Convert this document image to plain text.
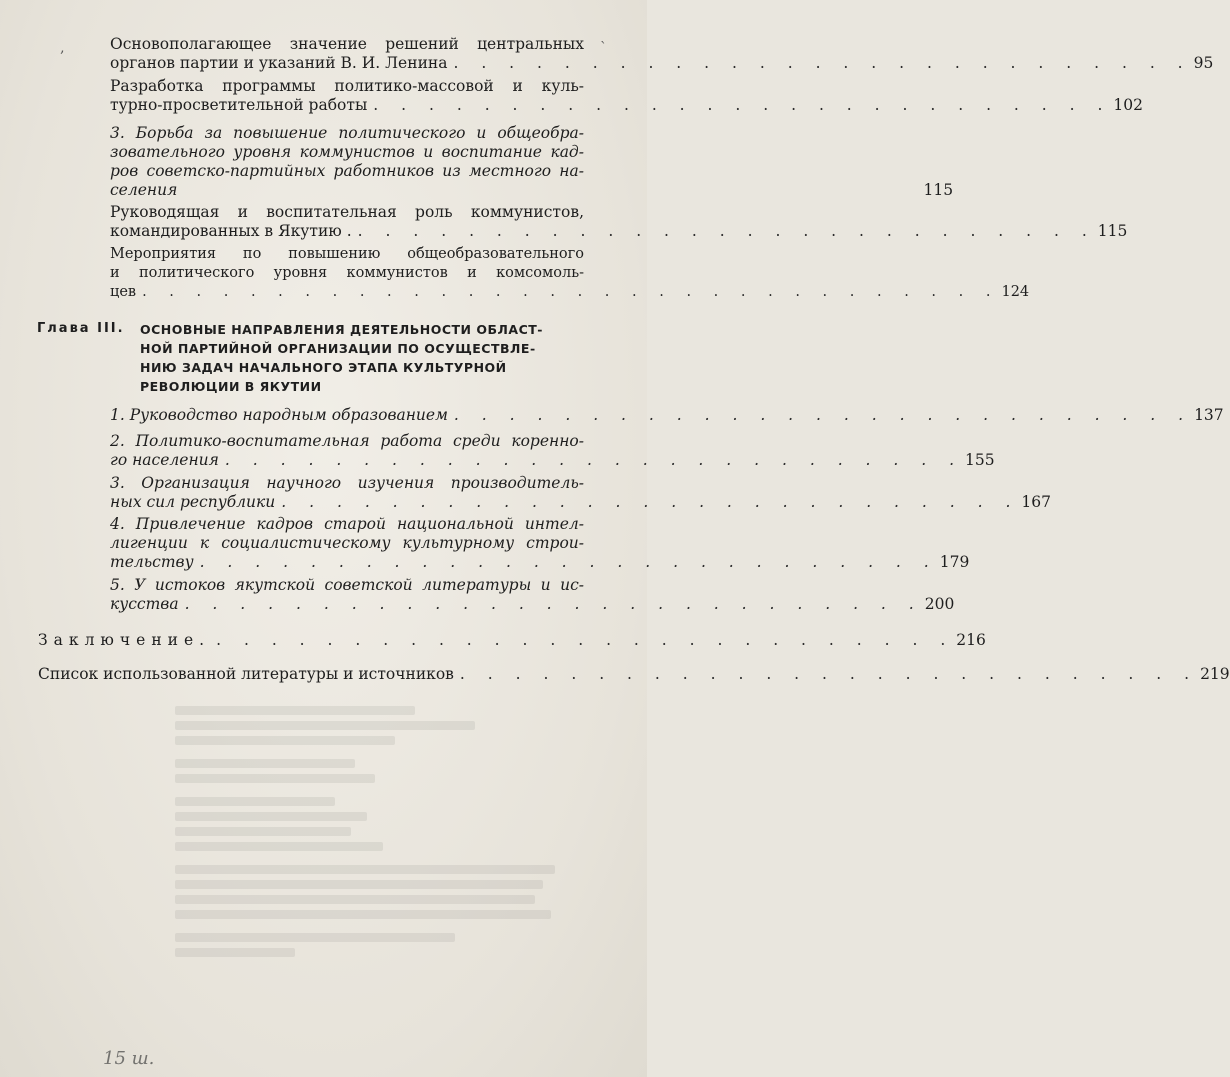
‚	`
Основополагающее значение решений центральных
органов партии и указаний В. И. Ленина . . . . . . . . . . . . . . . . . . . . . . . . . . . 95
Разработка программы политико-массовой и куль-
турно-просветительной работы . . . . . . . . . . . . . . . . . . . . . . . . . . . 102
3. Борьба за повышение политического и общеобра-
зовательного уровня коммунистов и воспитание кад-
ров советско-партийных работников из местного на-
селения	115
Руководящая и воспитательная роль коммунистов,
командированных в Якутию . . . . . . . . . . . . . . . . . . . . . . . . . . . . 115
Мероприятия по повышению общеобразовательного
и политического уровня коммунистов и комсомоль-
цев . . . . . . . . . . . . . . . . . . . . . . . . . . . . . . . . 124
Глава III. ОСНОВНЫЕ НАПРАВЛЕНИЯ ДЕЯТЕЛЬНОСТИ ОБЛАСТ-
НОЙ ПАРТИЙНОЙ ОРГАНИЗАЦИИ ПО ОСУЩЕСТВЛЕ-
НИЮ ЗАДАЧ НАЧАЛЬНОГО ЭТАПА КУЛЬТУРНОЙ
РЕВОЛЮЦИИ В ЯКУТИИ
1. Руководство народным образованием . . . . . . . . . . . . . . . . . . . . . . . . . . . 137
2. Политико-воспитательная работа среди коренно-
го населения . . . . . . . . . . . . . . . . . . . . . . . . . . . 155
3. Организация научного изучения производитель-
ных сил республики . . . . . . . . . . . . . . . . . . . . . . . . . . . 167
4. Привлечение кадров старой национальной интел-
лигенции к социалистическому культурному строи-
тельству . . . . . . . . . . . . . . . . . . . . . . . . . . . 179
5. У истоков якутской советской литературы и ис-
кусства . . . . . . . . . . . . . . . . . . . . . . . . . . . 200
Заключение. . . . . . . . . . . . . . . . . . . . . . . . . . . . 216
Список использованной литературы и источников . . . . . . . . . . . . . . . . . . . . . . . . . . . 219
15 ш.
